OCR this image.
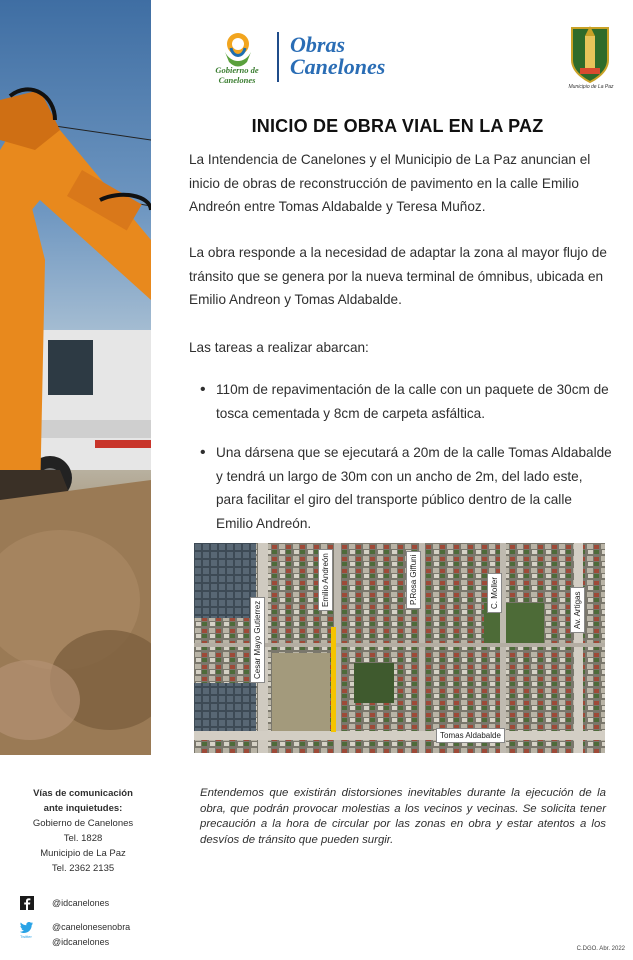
Gobierno de Canelones
Obras
Canelones
Municipio de La Paz
INICIO DE OBRA VIAL EN LA PAZ

La Intendencia de Canelones y el Municipio de La Paz anuncian el inicio de obras de reconstrucción de pavimento en la calle Emilio Andreón entre Tomas Aldabalde y Teresa Muñoz.

La obra responde a la necesidad de adaptar la zona al mayor flujo de tránsito que se genera por la nueva terminal de ómnibus, ubicada en Emilio Andreon y Tomas Aldabalde.

Las tareas a realizar abarcan:

• 110m de repavimentación de la calle con un paquete de 30cm de tosca cementada y 8cm de carpeta asfáltica.
• Una dársena que se ejecutará a 20m de la calle Tomas Aldabalde y tendrá un largo de 30m con un ancho de 2m, del lado este, para facilitar el giro del transporte público dentro de la calle Emilio Andreón.
Cesar Mayo Gutierrez
Emilio Andreón	P.Rosa Giffuni	C. Moller	Av. Artigas
Tomas Aldabalde
Vías de comunicación
ante inquietudes:
Gobierno de Canelones
Tel. 1828
Municipio de La Paz
Tel. 2362 2135
@idcanelones
@canelonesenobra
@idcanelones
Twitter

Entendemos que existirán distorsiones inevitables durante la ejecución de la obra, que podrán provocar molestias a los vecinos y vecinas. Se solicita tener precaución a la hora de circular por las zonas en obra y estar atentos a los desvíos de tránsito que pueden surgir.

C.DGO. Abr. 2022
